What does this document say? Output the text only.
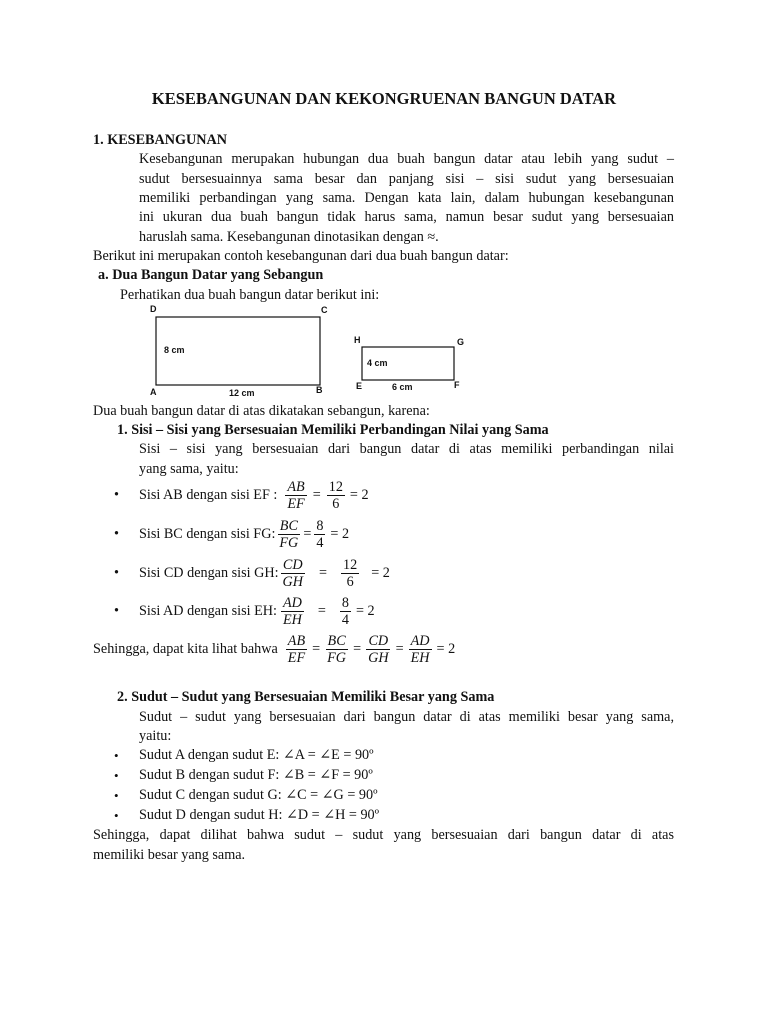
KESEBANGUNAN DAN KEKONGRUENAN BANGUN DATAR
1. KESEBANGUNAN
Kesebangunan merupakan hubungan dua buah bangun datar atau lebih yang sudut –
sudut bersesuainnya sama besar dan panjang sisi – sisi sudut yang bersesuaian
memiliki perbandingan yang sama. Dengan kata lain, dalam hubungan kesebangunan
ini ukuran dua buah bangun tidak harus sama, namun besar sudut yang bersesuaian
haruslah sama. Kesebangunan dinotasikan dengan ≈.
Berikut ini merupakan contoh kesebangunan dari dua buah bangun datar:
a. Dua Bangun Datar yang Sebangun
Perhatikan dua buah bangun datar berikut ini:
D	C
A	B
8 cm
12 cm
H	G
E	F
4 cm
6 cm
Dua buah bangun datar di atas dikatakan sebangun, karena:
1. Sisi – Sisi yang Bersesuaian Memiliki Perbandingan Nilai yang Sama
Sisi – sisi yang bersesuaian dari bangun datar di atas memiliki perbandingan nilai
yang sama, yaitu:
•	Sisi AB dengan sisi EF : $\frac{AB}{EF} = \frac{12}{6} = 2$
•	Sisi BC dengan sisi FG: $\frac{BC}{FG} = \frac{8}{4} = 2$
•	Sisi CD dengan sisi GH: $\frac{CD}{GH} = \frac{12}{6} = 2$
•	Sisi AD dengan sisi EH: $\frac{AD}{EH} = \frac{8}{4} = 2$
Sehingga, dapat kita lihat bahwa $\frac{AB}{EF} = \frac{BC}{FG} = \frac{CD}{GH} = \frac{AD}{EH} = 2$
2. Sudut – Sudut yang Bersesuaian Memiliki Besar yang Sama
Sudut – sudut yang bersesuaian dari bangun datar di atas memiliki besar yang sama,
yaitu:
• Sudut A dengan sudut E: ∠A = ∠E = 90º
• Sudut B dengan sudut F: ∠B = ∠F = 90º
• Sudut C dengan sudut G: ∠C = ∠G = 90º
• Sudut D dengan sudut H: ∠D = ∠H = 90º
Sehingga, dapat dilihat bahwa sudut – sudut yang bersesuaian dari bangun datar di atas
memiliki besar yang sama.
